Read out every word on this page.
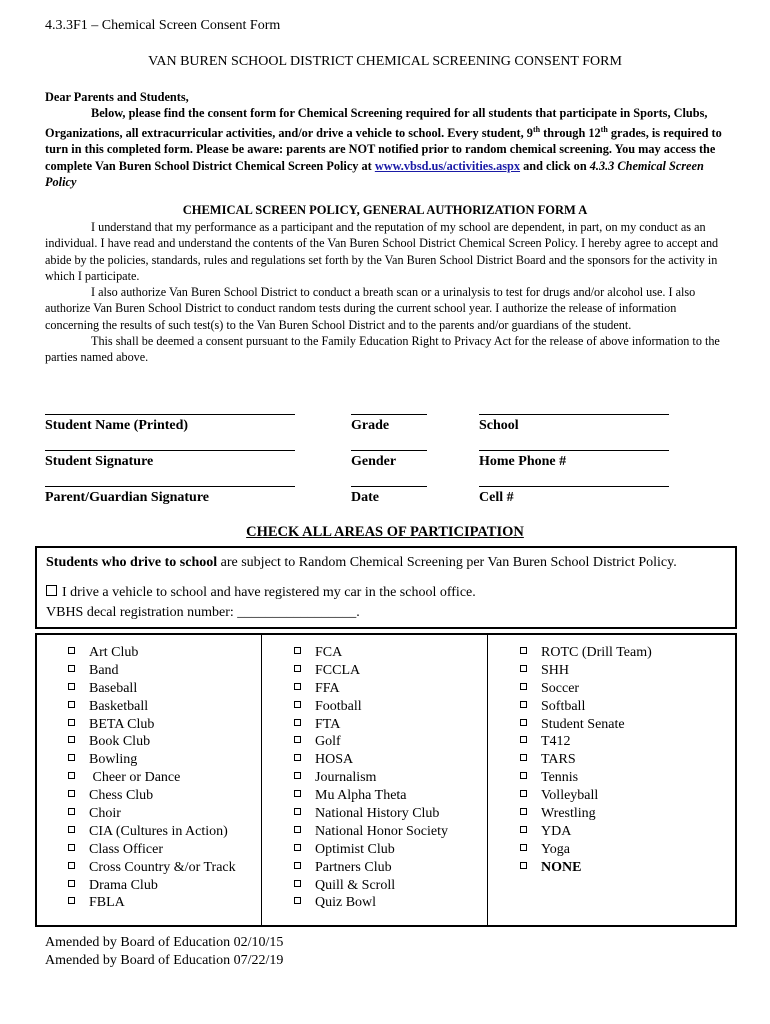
4.3.3F1 – Chemical Screen Consent Form
VAN BUREN SCHOOL DISTRICT CHEMICAL SCREENING CONSENT FORM

Dear Parents and Students,

Below, please find the consent form for Chemical Screening required for all students that participate in Sports, Clubs, Organizations, all extracurricular activities, and/or drive a vehicle to school. Every student, 9th through 12th grades, is required to turn in this completed form. Please be aware: parents are NOT notified prior to random chemical screening. You may access the complete Van Buren School District Chemical Screen Policy at www.vbsd.us/activities.aspx and click on 4.3.3 Chemical Screen Policy

CHEMICAL SCREEN POLICY, GENERAL AUTHORIZATION FORM A

I understand that my performance as a participant and the reputation of my school are dependent, in part, on my conduct as an individual. I have read and understand the contents of the Van Buren School District Chemical Screen Policy. I hereby agree to accept and abide by the policies, standards, rules and regulations set forth by the Van Buren School District Board and the sponsors for the activity in which I participate.

I also authorize Van Buren School District to conduct a breath scan or a urinalysis to test for drugs and/or alcohol use. I also authorize Van Buren School District to conduct random tests during the current school year. I authorize the release of information concerning the results of such test(s) to the Van Buren School District and to the parents and/or guardians of the student.

This shall be deemed a consent pursuant to the Family Education Right to Privacy Act for the release of above information to the parties named above.

Student Name (Printed)	Grade	School
Student Signature	Gender	Home Phone #
Parent/Guardian Signature	Date	Cell #
CHECK ALL AREAS OF PARTICIPATION
Students who drive to school are subject to Random Chemical Screening per Van Buren School District Policy.
I drive a vehicle to school and have registered my car in the school office.
VBHS decal registration number: _________________.
Art Club
Band
Baseball
Basketball
BETA Club
Book Club
Bowling
Cheer or Dance
Chess Club
Choir
CIA (Cultures in Action)
Class Officer
Cross Country &/or Track
Drama Club
FBLA
FCA
FCCLA
FFA
Football
FTA
Golf
HOSA
Journalism
Mu Alpha Theta
National History Club
National Honor Society
Optimist Club
Partners Club
Quill & Scroll
Quiz Bowl
ROTC (Drill Team)
SHH
Soccer
Softball
Student Senate
T412
TARS
Tennis
Volleyball
Wrestling
YDA
Yoga
NONE
Amended by Board of Education 02/10/15
Amended by Board of Education 07/22/19
